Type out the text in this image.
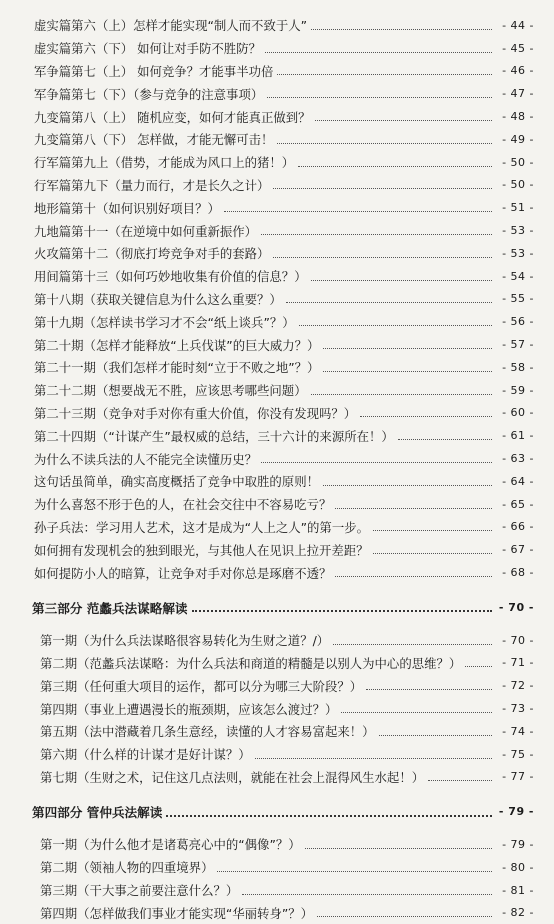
虚实篇第六（上）怎样才能实现“制人而不致于人”	- 44 -
虚实篇第六（下） 如何让对手防不胜防？	- 45 -
军争篇第七（上） 如何竞争？才能事半功倍	- 46 -
军争篇第七（下）（参与竞争的注意事项）	- 47 -
九变篇第八（上） 随机应变，如何才能真正做到？	- 48 -
九变篇第八（下） 怎样做，才能无懈可击！	- 49 -
行军篇第九上（借势，才能成为风口上的猪！）	- 50 -
行军篇第九下（量力而行，才是长久之计）	- 50 -
地形篇第十（如何识别好项目？）	- 51 -
九地篇第十一（在逆境中如何重新振作）	- 53 -
火攻篇第十二（彻底打垮竞争对手的套路）	- 53 -
用间篇第十三（如何巧妙地收集有价值的信息？）	- 54 -
第十八期（获取关键信息为什么这么重要？）	- 55 -
第十九期（怎样读书学习才不会“纸上谈兵”？）	- 56 -
第二十期（怎样才能释放“上兵伐谋”的巨大威力？）	- 57 -
第二十一期（我们怎样才能时刻“立于不败之地”？）	- 58 -
第二十二期（想要战无不胜，应该思考哪些问题）	- 59 -
第二十三期（竞争对手对你有重大价值，你没有发现吗？）	- 60 -
第二十四期（“计谋产生”最权威的总结，三十六计的来源所在！）	- 61 -
为什么不读兵法的人不能完全读懂历史？	- 63 -
这句话虽简单，确实高度概括了竞争中取胜的原则！	- 64 -
为什么喜怒不形于色的人，在社会交往中不容易吃亏？	- 65 -
孙子兵法：学习用人艺术，这才是成为“人上之人”的第一步。	- 66 -
如何拥有发现机会的独到眼光，与其他人在见识上拉开差距？	- 67 -
如何提防小人的暗算，让竞争对手对你总是琢磨不透？	- 68 -
第三部分 范蠡兵法谋略解读	- 70 -
第一期（为什么兵法谋略很容易转化为生财之道？/）	- 70 -
第二期（范蠡兵法谋略：为什么兵法和商道的精髓是以别人为中心的思维？）	- 71 -
第三期（任何重大项目的运作，都可以分为哪三大阶段？）	- 72 -
第四期（事业上遭遇漫长的瓶颈期，应该怎么渡过？）	- 73 -
第五期（法中潜藏着几条生意经，读懂的人才容易富起来！）	- 74 -
第六期（什么样的计谋才是好计谋？）	- 75 -
第七期（生财之术，记住这几点法则，就能在社会上混得风生水起！）	- 77 -
第四部分 管仲兵法解读	- 79 -
第一期（为什么他才是诸葛亮心中的“偶像”？）	- 79 -
第二期（领袖人物的四重境界）	- 80 -
第三期（干大事之前要注意什么？）	- 81 -
第四期（怎样做我们事业才能实现“华丽转身”？）	- 82 -
